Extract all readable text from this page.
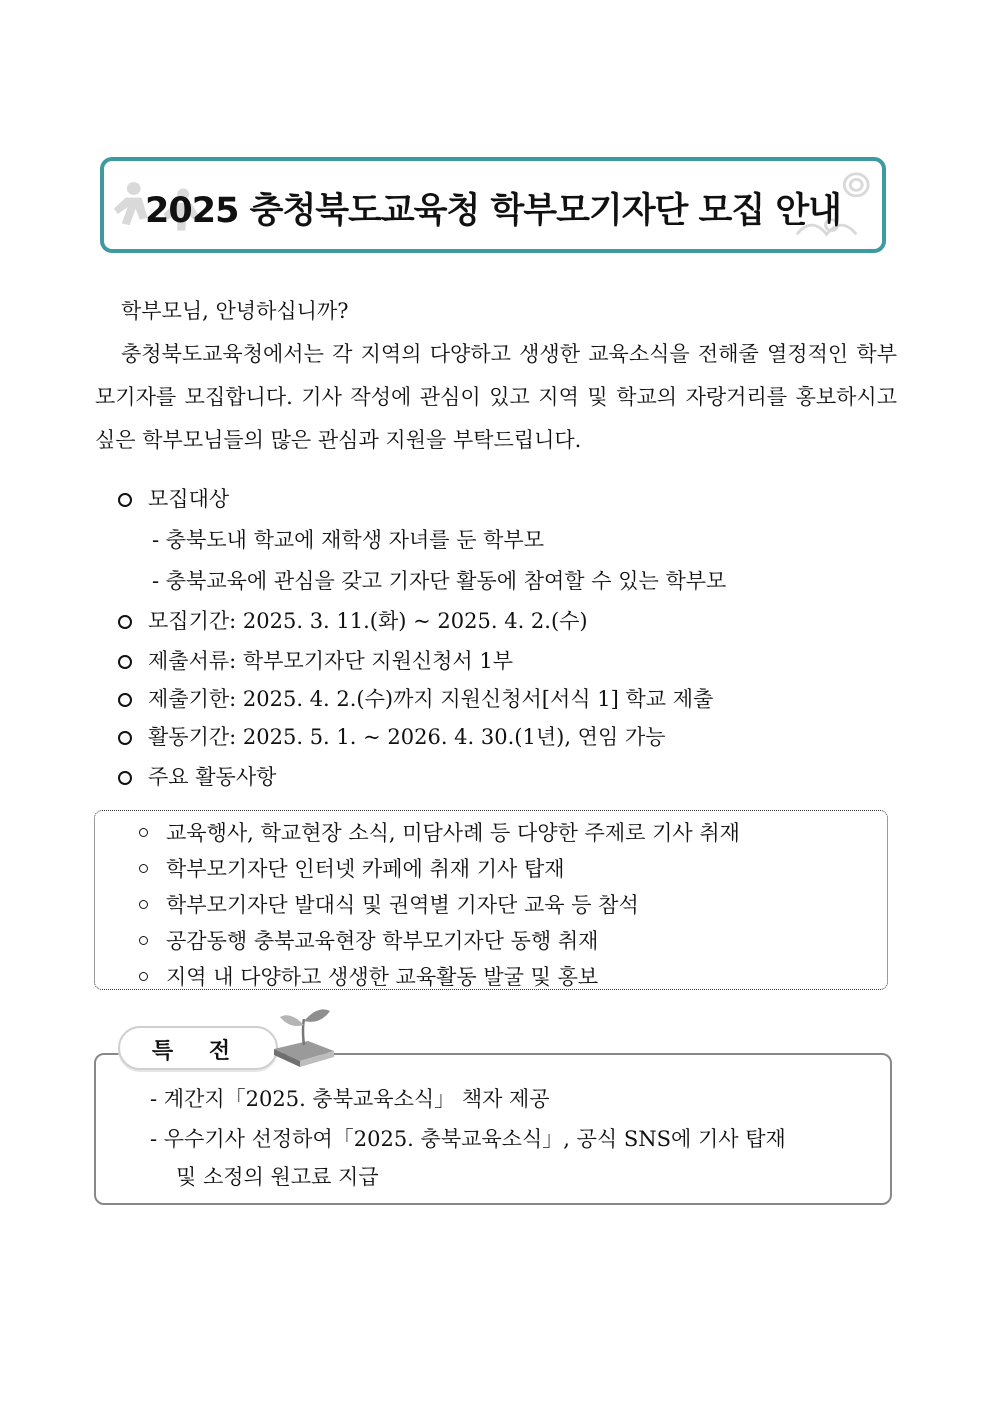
2025 충청북도교육청 학부모기자단 모집 안내

학부모님, 안녕하십니까?

충청북도교육청에서는 각 지역의 다양하고 생생한 교육소식을 전해줄 열정적인 학부모기자를 모집합니다. 기사 작성에 관심이 있고 지역 및 학교의 자랑거리를 홍보하시고 싶은 학부모님들의 많은 관심과 지원을 부탁드립니다.

모집대상
- 충북도내 학교에 재학생 자녀를 둔 학부모
- 충북교육에 관심을 갖고 기자단 활동에 참여할 수 있는 학부모
모집기간: 2025. 3. 11.(화) ~ 2025. 4. 2.(수)
제출서류: 학부모기자단 지원신청서 1부
제출기한: 2025. 4. 2.(수)까지 지원신청서[서식 1] 학교 제출
활동기간: 2025. 5. 1. ~ 2026. 4. 30.(1년), 연임 가능
주요 활동사항
교육행사, 학교현장 소식, 미담사례 등 다양한 주제로 기사 취재
학부모기자단 인터넷 카페에 취재 기사 탑재
학부모기자단 발대식 및 권역별 기자단 교육 등 참석
공감동행 충북교육현장 학부모기자단 동행 취재
지역 내 다양하고 생생한 교육활동 발굴 및 홍보
특 전
- 계간지「2025. 충북교육소식」 책자 제공
- 우수기사 선정하여「2025. 충북교육소식」, 공식 SNS에 기사 탑재
및 소정의 원고료 지급
